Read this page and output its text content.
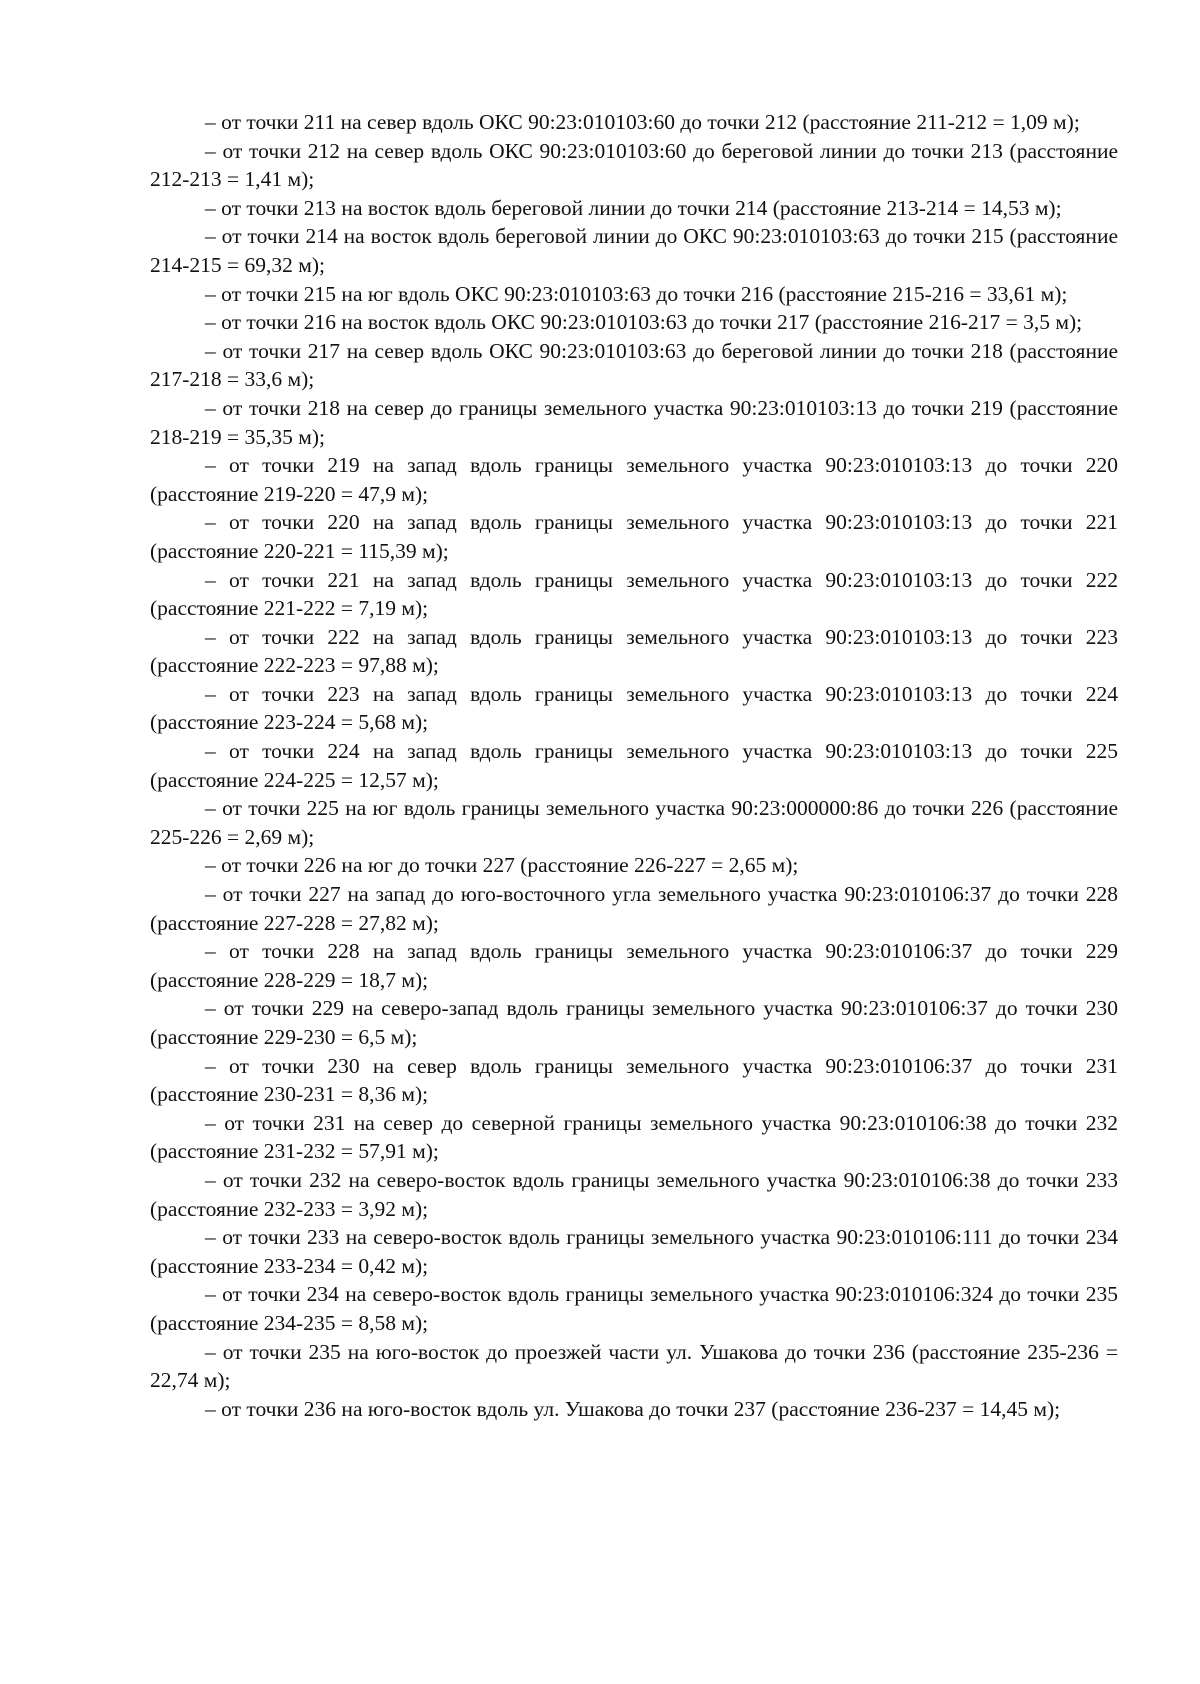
– от точки 211 на север вдоль ОКС 90:23:010103:60 до точки 212 (расстояние 211-212 = 1,09 м);

– от точки 212 на север вдоль ОКС 90:23:010103:60 до береговой линии до точки 213 (расстояние 212-213 = 1,41 м);

– от точки 213 на восток вдоль береговой линии до точки 214 (расстояние 213-214 = 14,53 м);

– от точки 214 на восток вдоль береговой линии до ОКС 90:23:010103:63 до точки 215 (расстояние 214-215 = 69,32 м);

– от точки 215 на юг вдоль ОКС 90:23:010103:63 до точки 216 (расстояние 215-216 = 33,61 м);

– от точки 216 на восток вдоль ОКС 90:23:010103:63 до точки 217 (расстояние 216-217 = 3,5 м);

– от точки 217 на север вдоль ОКС 90:23:010103:63 до береговой линии до точки 218 (расстояние 217-218 = 33,6 м);

– от точки 218 на север до границы земельного участка 90:23:010103:13 до точки 219 (расстояние 218-219 = 35,35 м);

– от точки 219 на запад вдоль границы земельного участка 90:23:010103:13 до точки 220 (расстояние 219-220 = 47,9 м);

– от точки 220 на запад вдоль границы земельного участка 90:23:010103:13 до точки 221 (расстояние 220-221 = 115,39 м);

– от точки 221 на запад вдоль границы земельного участка 90:23:010103:13 до точки 222 (расстояние 221-222 = 7,19 м);

– от точки 222 на запад вдоль границы земельного участка 90:23:010103:13 до точки 223 (расстояние 222-223 = 97,88 м);

– от точки 223 на запад вдоль границы земельного участка 90:23:010103:13 до точки 224 (расстояние 223-224 = 5,68 м);

– от точки 224 на запад вдоль границы земельного участка 90:23:010103:13 до точки 225 (расстояние 224-225 = 12,57 м);

– от точки 225 на юг вдоль границы земельного участка 90:23:000000:86 до точки 226 (расстояние 225-226 = 2,69 м);

– от точки 226 на юг до точки 227 (расстояние 226-227 = 2,65 м);

– от точки 227 на запад до юго-восточного угла земельного участка 90:23:010106:37 до точки 228 (расстояние 227-228 = 27,82 м);

– от точки 228 на запад вдоль границы земельного участка 90:23:010106:37 до точки 229 (расстояние 228-229 = 18,7 м);

– от точки 229 на северо-запад вдоль границы земельного участка 90:23:010106:37 до точки 230 (расстояние 229-230 = 6,5 м);

– от точки 230 на север вдоль границы земельного участка 90:23:010106:37 до точки 231 (расстояние 230-231 = 8,36 м);

– от точки 231 на север до северной границы земельного участка 90:23:010106:38 до точки 232 (расстояние 231-232 = 57,91 м);

– от точки 232 на северо-восток вдоль границы земельного участка 90:23:010106:38 до точки 233 (расстояние 232-233 = 3,92 м);

– от точки 233 на северо-восток вдоль границы земельного участка 90:23:010106:111 до точки 234 (расстояние 233-234 = 0,42 м);

– от точки 234 на северо-восток вдоль границы земельного участка 90:23:010106:324 до точки 235 (расстояние 234-235 = 8,58 м);

– от точки 235 на юго-восток до проезжей части ул. Ушакова до точки 236 (расстояние 235-236 = 22,74 м);

– от точки 236 на юго-восток вдоль ул. Ушакова до точки 237 (расстояние 236-237 = 14,45 м);
